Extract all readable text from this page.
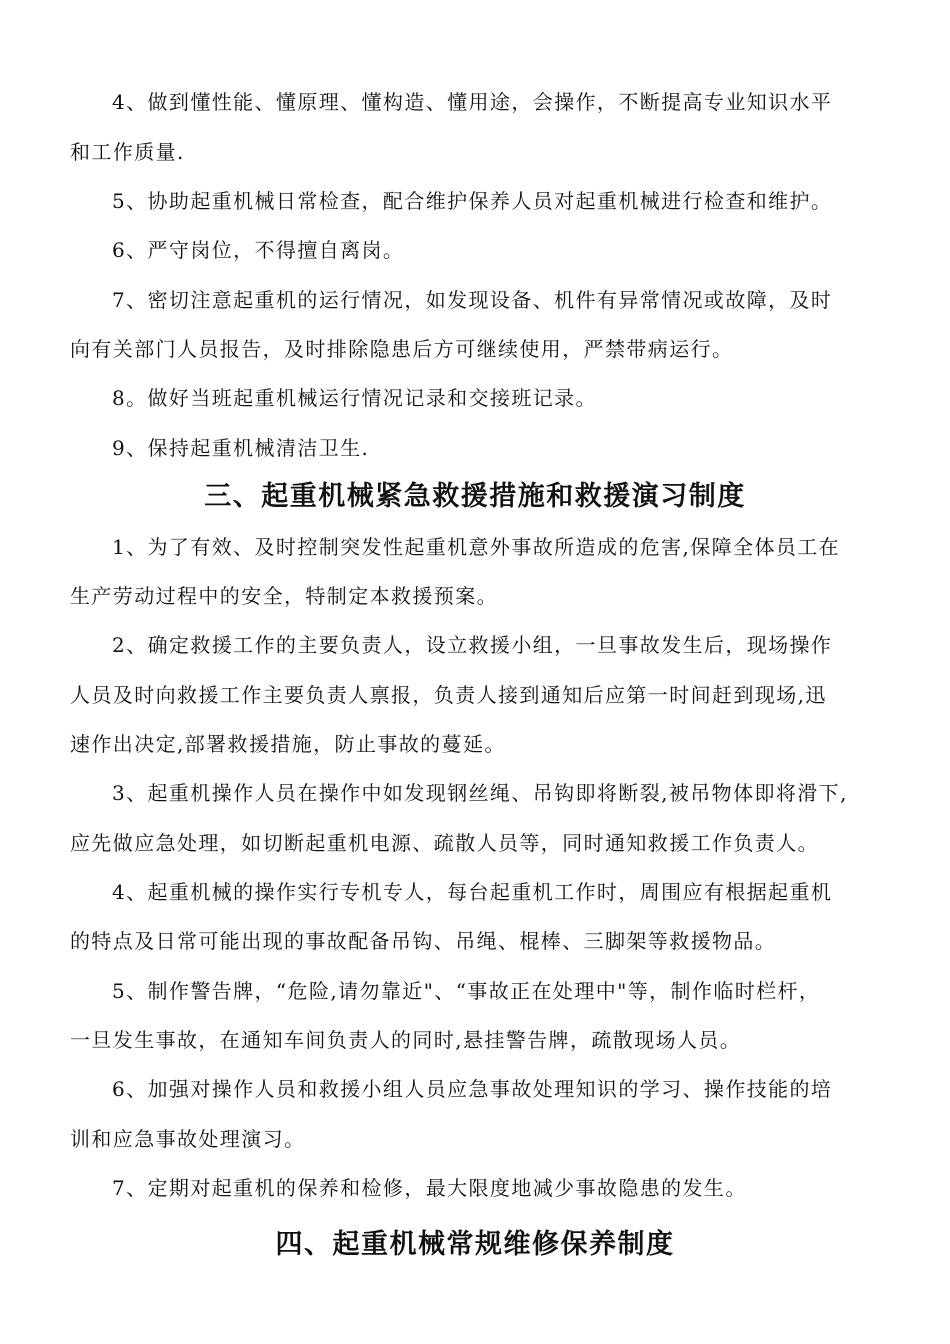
4、做到懂性能、懂原理、懂构造、懂用途，会操作，不断提高专业知识水平
和工作质量.
5、协助起重机械日常检查，配合维护保养人员对起重机械进行检查和维护。
6、严守岗位，不得擅自离岗。
7、密切注意起重机的运行情况，如发现设备、机件有异常情况或故障，及时
向有关部门人员报告，及时排除隐患后方可继续使用，严禁带病运行。
8。做好当班起重机械运行情况记录和交接班记录。
9、保持起重机械清洁卫生.
三、起重机械紧急救援措施和救援演习制度
1、为了有效、及时控制突发性起重机意外事故所造成的危害,保障全体员工在
生产劳动过程中的安全，特制定本救援预案。
2、确定救援工作的主要负责人，设立救援小组，一旦事故发生后，现场操作
人员及时向救援工作主要负责人禀报，负责人接到通知后应第一时间赶到现场,迅
速作出决定,部署救援措施，防止事故的蔓延。
3、起重机操作人员在操作中如发现钢丝绳、吊钩即将断裂,被吊物体即将滑下,
应先做应急处理，如切断起重机电源、疏散人员等，同时通知救援工作负责人。
4、起重机械的操作实行专机专人，每台起重机工作时，周围应有根据起重机
的特点及日常可能出现的事故配备吊钩、吊绳、棍棒、三脚架等救援物品。
5、制作警告牌，“危险,请勿靠近"、“事故正在处理中"等，制作临时栏杆，
一旦发生事故，在通知车间负责人的同时,悬挂警告牌，疏散现场人员。
6、加强对操作人员和救援小组人员应急事故处理知识的学习、操作技能的培
训和应急事故处理演习。
7、定期对起重机的保养和检修，最大限度地减少事故隐患的发生。
四、起重机械常规维修保养制度
